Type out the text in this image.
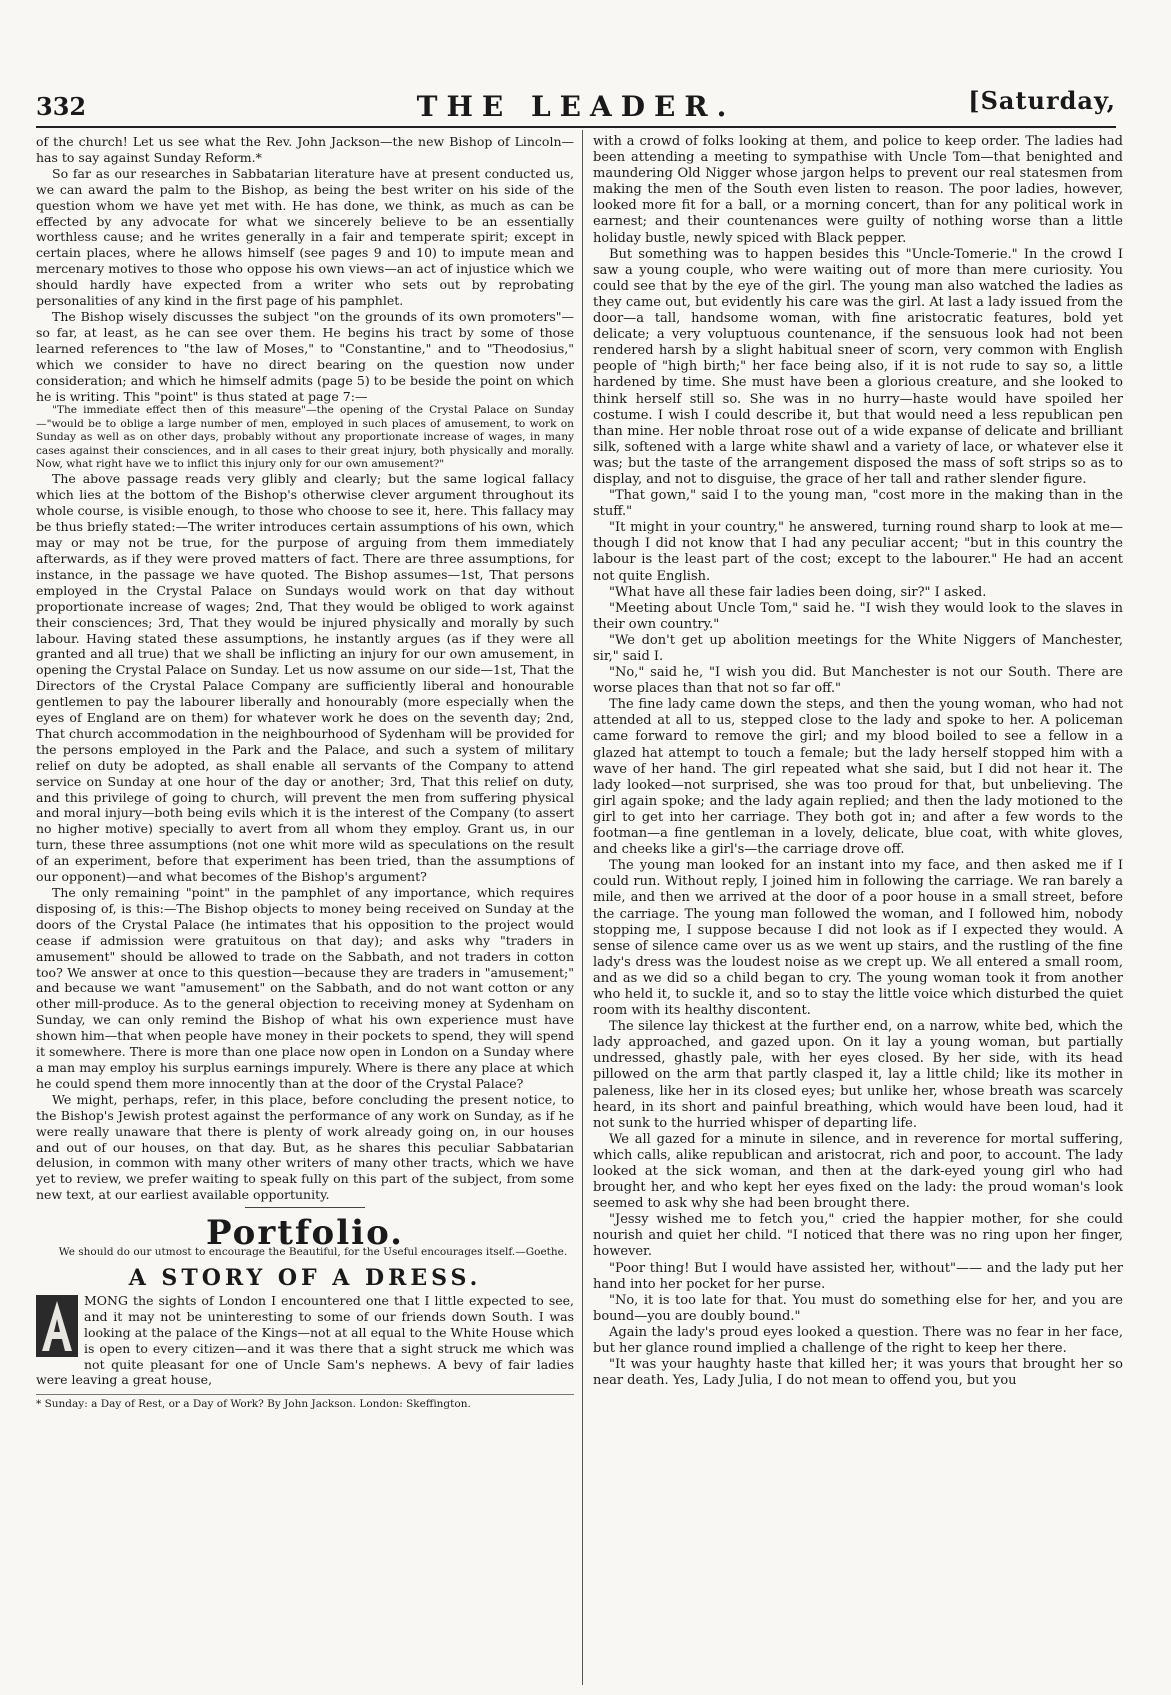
332	THE LEADER.	[Saturday,

of the church! Let us see what the Rev. John Jackson—the new Bishop of Lincoln—has to say against Sunday Reform.*

So far as our researches in Sabbatarian literature have at present conducted us, we can award the palm to the Bishop, as being the best writer on his side of the question whom we have yet met with. He has done, we think, as much as can be effected by any advocate for what we sincerely believe to be an essentially worthless cause; and he writes generally in a fair and temperate spirit; except in certain places, where he allows himself (see pages 9 and 10) to impute mean and mercenary motives to those who oppose his own views—an act of injustice which we should hardly have expected from a writer who sets out by reprobating personalities of any kind in the first page of his pamphlet.

The Bishop wisely discusses the subject "on the grounds of its own promoters"—so far, at least, as he can see over them. He begins his tract by some of those learned references to "the law of Moses," to "Constantine," and to "Theodosius," which we consider to have no direct bearing on the question now under consideration; and which he himself admits (page 5) to be beside the point on which he is writing. This "point" is thus stated at page 7:—

"The immediate effect then of this measure"—the opening of the Crystal Palace on Sunday—"would be to oblige a large number of men, employed in such places of amusement, to work on Sunday as well as on other days, probably without any proportionate increase of wages, in many cases against their consciences, and in all cases to their great injury, both physically and morally. Now, what right have we to inflict this injury only for our own amusement?"

The above passage reads very glibly and clearly; but the same logical fallacy which lies at the bottom of the Bishop's otherwise clever argument throughout its whole course, is visible enough, to those who choose to see it, here. This fallacy may be thus briefly stated:—The writer introduces certain assumptions of his own, which may or may not be true, for the purpose of arguing from them immediately afterwards, as if they were proved matters of fact. There are three assumptions, for instance, in the passage we have quoted. The Bishop assumes—1st, That persons employed in the Crystal Palace on Sundays would work on that day without proportionate increase of wages; 2nd, That they would be obliged to work against their consciences; 3rd, That they would be injured physically and morally by such labour. Having stated these assumptions, he instantly argues (as if they were all granted and all true) that we shall be inflicting an injury for our own amusement, in opening the Crystal Palace on Sunday. Let us now assume on our side—1st, That the Directors of the Crystal Palace Company are sufficiently liberal and honourable gentlemen to pay the labourer liberally and honourably (more especially when the eyes of England are on them) for whatever work he does on the seventh day; 2nd, That church accommodation in the neighbourhood of Sydenham will be provided for the persons employed in the Park and the Palace, and such a system of military relief on duty be adopted, as shall enable all servants of the Company to attend service on Sunday at one hour of the day or another; 3rd, That this relief on duty, and this privilege of going to church, will prevent the men from suffering physical and moral injury—both being evils which it is the interest of the Company (to assert no higher motive) specially to avert from all whom they employ. Grant us, in our turn, these three assumptions (not one whit more wild as speculations on the result of an experiment, before that experiment has been tried, than the assumptions of our opponent)—and what becomes of the Bishop's argument?

The only remaining "point" in the pamphlet of any importance, which requires disposing of, is this:—The Bishop objects to money being received on Sunday at the doors of the Crystal Palace (he intimates that his opposition to the project would cease if admission were gratuitous on that day); and asks why "traders in amusement" should be allowed to trade on the Sabbath, and not traders in cotton too? We answer at once to this question—because they are traders in "amusement;" and because we want "amusement" on the Sabbath, and do not want cotton or any other mill-produce. As to the general objection to receiving money at Sydenham on Sunday, we can only remind the Bishop of what his own experience must have shown him—that when people have money in their pockets to spend, they will spend it somewhere. There is more than one place now open in London on a Sunday where a man may employ his surplus earnings impurely. Where is there any place at which he could spend them more innocently than at the door of the Crystal Palace?

We might, perhaps, refer, in this place, before concluding the present notice, to the Bishop's Jewish protest against the performance of any work on Sunday, as if he were really unaware that there is plenty of work already going on, in our houses and out of our houses, on that day. But, as he shares this peculiar Sabbatarian delusion, in common with many other writers of many other tracts, which we have yet to review, we prefer waiting to speak fully on this part of the subject, from some new text, at our earliest available opportunity.

Portfolio.

We should do our utmost to encourage the Beautiful, for the Useful encourages itself.—Goethe.

A STORY OF A DRESS.

MONG the sights of London I encountered one that I little expected to see, and it may not be uninteresting to some of our friends down South. I was looking at the palace of the Kings—not at all equal to the White House which is open to every citizen—and it was there that a sight struck me which was not quite pleasant for one of Uncle Sam's nephews. A bevy of fair ladies were leaving a great house,

* Sunday: a Day of Rest, or a Day of Work? By John Jackson. London: Skeffington.

with a crowd of folks looking at them, and police to keep order. The ladies had been attending a meeting to sympathise with Uncle Tom—that benighted and maundering Old Nigger whose jargon helps to prevent our real statesmen from making the men of the South even listen to reason. The poor ladies, however, looked more fit for a ball, or a morning concert, than for any political work in earnest; and their countenances were guilty of nothing worse than a little holiday bustle, newly spiced with Black pepper.

But something was to happen besides this "Uncle-Tomerie." In the crowd I saw a young couple, who were waiting out of more than mere curiosity. You could see that by the eye of the girl. The young man also watched the ladies as they came out, but evidently his care was the girl. At last a lady issued from the door—a tall, handsome woman, with fine aristocratic features, bold yet delicate; a very voluptuous countenance, if the sensuous look had not been rendered harsh by a slight habitual sneer of scorn, very common with English people of "high birth;" her face being also, if it is not rude to say so, a little hardened by time. She must have been a glorious creature, and she looked to think herself still so. She was in no hurry—haste would have spoiled her costume. I wish I could describe it, but that would need a less republican pen than mine. Her noble throat rose out of a wide expanse of delicate and brilliant silk, softened with a large white shawl and a variety of lace, or whatever else it was; but the taste of the arrangement disposed the mass of soft strips so as to display, and not to disguise, the grace of her tall and rather slender figure.

"That gown," said I to the young man, "cost more in the making than in the stuff."

"It might in your country," he answered, turning round sharp to look at me—though I did not know that I had any peculiar accent; "but in this country the labour is the least part of the cost; except to the labourer." He had an accent not quite English.

"What have all these fair ladies been doing, sir?" I asked.

"Meeting about Uncle Tom," said he. "I wish they would look to the slaves in their own country."

"We don't get up abolition meetings for the White Niggers of Manchester, sir," said I.

"No," said he, "I wish you did. But Manchester is not our South. There are worse places than that not so far off."

The fine lady came down the steps, and then the young woman, who had not attended at all to us, stepped close to the lady and spoke to her. A policeman came forward to remove the girl; and my blood boiled to see a fellow in a glazed hat attempt to touch a female; but the lady herself stopped him with a wave of her hand. The girl repeated what she said, but I did not hear it. The lady looked—not surprised, she was too proud for that, but unbelieving. The girl again spoke; and the lady again replied; and then the lady motioned to the girl to get into her carriage. They both got in; and after a few words to the footman—a fine gentleman in a lovely, delicate, blue coat, with white gloves, and cheeks like a girl's—the carriage drove off.

The young man looked for an instant into my face, and then asked me if I could run. Without reply, I joined him in following the carriage. We ran barely a mile, and then we arrived at the door of a poor house in a small street, before the carriage. The young man followed the woman, and I followed him, nobody stopping me, I suppose because I did not look as if I expected they would. A sense of silence came over us as we went up stairs, and the rustling of the fine lady's dress was the loudest noise as we crept up. We all entered a small room, and as we did so a child began to cry. The young woman took it from another who held it, to suckle it, and so to stay the little voice which disturbed the quiet room with its healthy discontent.

The silence lay thickest at the further end, on a narrow, white bed, which the lady approached, and gazed upon. On it lay a young woman, but partially undressed, ghastly pale, with her eyes closed. By her side, with its head pillowed on the arm that partly clasped it, lay a little child; like its mother in paleness, like her in its closed eyes; but unlike her, whose breath was scarcely heard, in its short and painful breathing, which would have been loud, had it not sunk to the hurried whisper of departing life.

We all gazed for a minute in silence, and in reverence for mortal suffering, which calls, alike republican and aristocrat, rich and poor, to account. The lady looked at the sick woman, and then at the dark-eyed young girl who had brought her, and who kept her eyes fixed on the lady: the proud woman's look seemed to ask why she had been brought there.

"Jessy wished me to fetch you," cried the happier mother, for she could nourish and quiet her child. "I noticed that there was no ring upon her finger, however.

"Poor thing! But I would have assisted her, without"—— and the lady put her hand into her pocket for her purse.

"No, it is too late for that. You must do something else for her, and you are bound—you are doubly bound."

Again the lady's proud eyes looked a question. There was no fear in her face, but her glance round implied a challenge of the right to keep her there.

"It was your haughty haste that killed her; it was yours that brought her so near death. Yes, Lady Julia, I do not mean to offend you, but you
